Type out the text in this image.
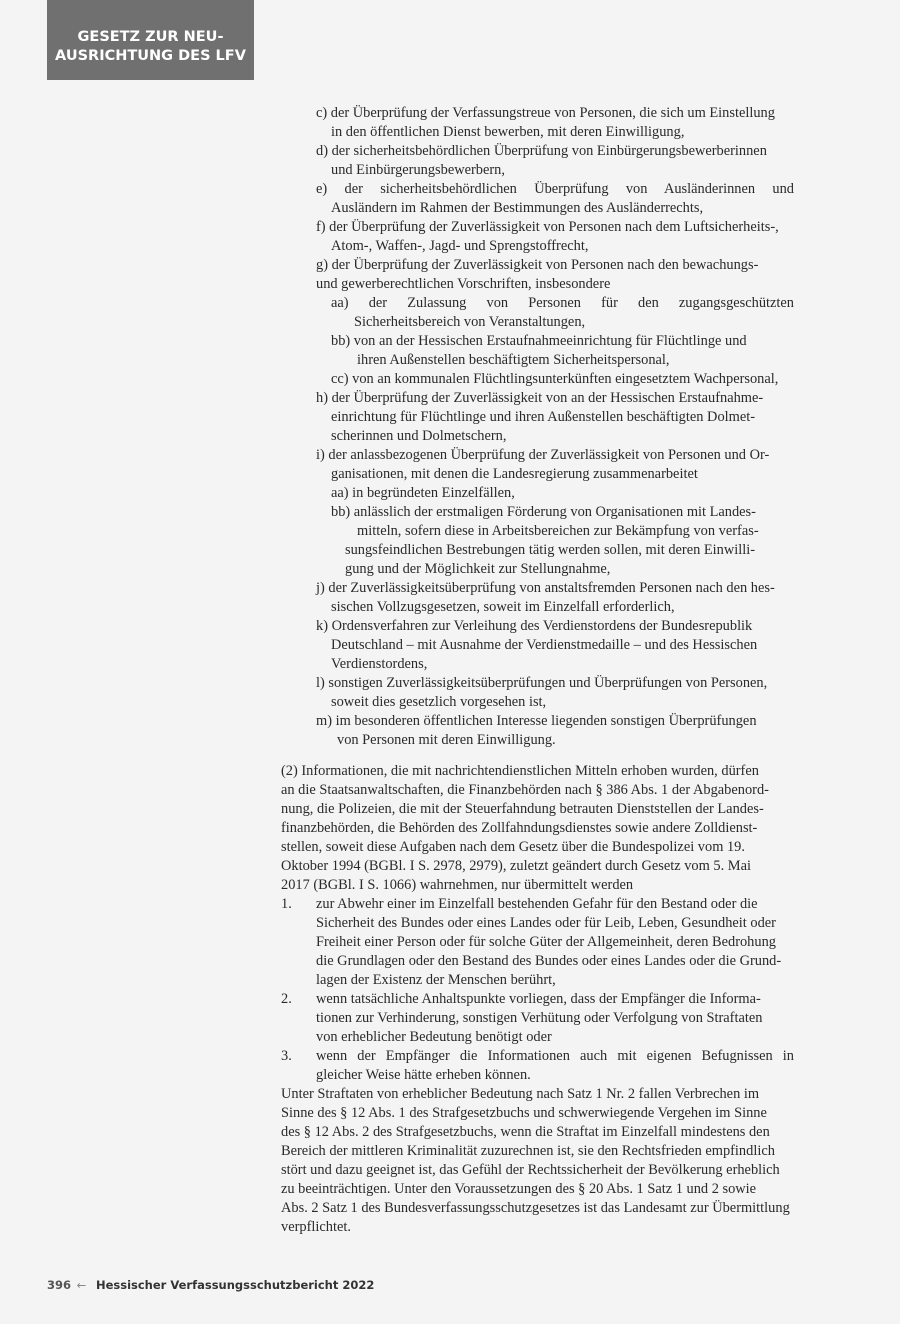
GESETZ ZUR NEU-
AUSRICHTUNG DES LFV
c) der Überprüfung der Verfassungstreue von Personen, die sich um Einstellung
in den öffentlichen Dienst bewerben, mit deren Einwilligung,
d) der sicherheitsbehördlichen Überprüfung von Einbürgerungsbewerberinnen
und Einbürgerungsbewerbern,
e) der sicherheitsbehördlichen Überprüfung von Ausländerinnen und
Ausländern im Rahmen der Bestimmungen des Ausländerrechts,
f) der Überprüfung der Zuverlässigkeit von Personen nach dem Luftsicherheits-,
Atom-, Waffen-, Jagd- und Sprengstoffrecht,
g) der Überprüfung der Zuverlässigkeit von Personen nach den bewachungs-
und gewerberechtlichen Vorschriften, insbesondere
aa) der Zulassung von Personen für den zugangsgeschützten
Sicherheitsbereich von Veranstaltungen,
bb) von an der Hessischen Erstaufnahmeeinrichtung für Flüchtlinge und
ihren Außenstellen beschäftigtem Sicherheitspersonal,
cc) von an kommunalen Flüchtlingsunterkünften eingesetztem Wachpersonal,
h) der Überprüfung der Zuverlässigkeit von an der Hessischen Erstaufnahme-
einrichtung für Flüchtlinge und ihren Außenstellen beschäftigten Dolmet-
scherinnen und Dolmetschern,
i) der anlassbezogenen Überprüfung der Zuverlässigkeit von Personen und Or-
ganisationen, mit denen die Landesregierung zusammenarbeitet
aa) in begründeten Einzelfällen,
bb) anlässlich der erstmaligen Förderung von Organisationen mit Landes-
mitteln, sofern diese in Arbeitsbereichen zur Bekämpfung von verfas-
sungsfeindlichen Bestrebungen tätig werden sollen, mit deren Einwilli-
gung und der Möglichkeit zur Stellungnahme,
j) der Zuverlässigkeitsüberprüfung von anstaltsfremden Personen nach den hes-
sischen Vollzugsgesetzen, soweit im Einzelfall erforderlich,
k) Ordensverfahren zur Verleihung des Verdienstordens der Bundesrepublik
Deutschland – mit Ausnahme der Verdienstmedaille – und des Hessischen
Verdienstordens,
l) sonstigen Zuverlässigkeitsüberprüfungen und Überprüfungen von Personen,
soweit dies gesetzlich vorgesehen ist,
m) im besonderen öffentlichen Interesse liegenden sonstigen Überprüfungen
von Personen mit deren Einwilligung.
(2) Informationen, die mit nachrichtendienstlichen Mitteln erhoben wurden, dürfen
an die Staatsanwaltschaften, die Finanzbehörden nach § 386 Abs. 1 der Abgabenord-
nung, die Polizeien, die mit der Steuerfahndung betrauten Dienststellen der Landes-
finanzbehörden, die Behörden des Zollfahndungsdienstes sowie andere Zolldienst-
stellen, soweit diese Aufgaben nach dem Gesetz über die Bundespolizei vom 19.
Oktober 1994 (BGBl. I S. 2978, 2979), zuletzt geändert durch Gesetz vom 5. Mai
2017 (BGBl. I S. 1066) wahrnehmen, nur übermittelt werden
1. zur Abwehr einer im Einzelfall bestehenden Gefahr für den Bestand oder die
Sicherheit des Bundes oder eines Landes oder für Leib, Leben, Gesundheit oder
Freiheit einer Person oder für solche Güter der Allgemeinheit, deren Bedrohung
die Grundlagen oder den Bestand des Bundes oder eines Landes oder die Grund-
lagen der Existenz der Menschen berührt,
2. wenn tatsächliche Anhaltspunkte vorliegen, dass der Empfänger die Informa-
tionen zur Verhinderung, sonstigen Verhütung oder Verfolgung von Straftaten
von erheblicher Bedeutung benötigt oder
3. wenn der Empfänger die Informationen auch mit eigenen Befugnissen in
gleicher Weise hätte erheben können.
Unter Straftaten von erheblicher Bedeutung nach Satz 1 Nr. 2 fallen Verbrechen im
Sinne des § 12 Abs. 1 des Strafgesetzbuchs und schwerwiegende Vergehen im Sinne
des § 12 Abs. 2 des Strafgesetzbuchs, wenn die Straftat im Einzelfall mindestens den
Bereich der mittleren Kriminalität zuzurechnen ist, sie den Rechtsfrieden empfindlich
stört und dazu geeignet ist, das Gefühl der Rechtssicherheit der Bevölkerung erheblich
zu beeinträchtigen. Unter den Voraussetzungen des § 20 Abs. 1 Satz 1 und 2 sowie
Abs. 2 Satz 1 des Bundesverfassungsschutzgesetzes ist das Landesamt zur Übermittlung
verpflichtet.
396 ← Hessischer Verfassungsschutzbericht 2022
